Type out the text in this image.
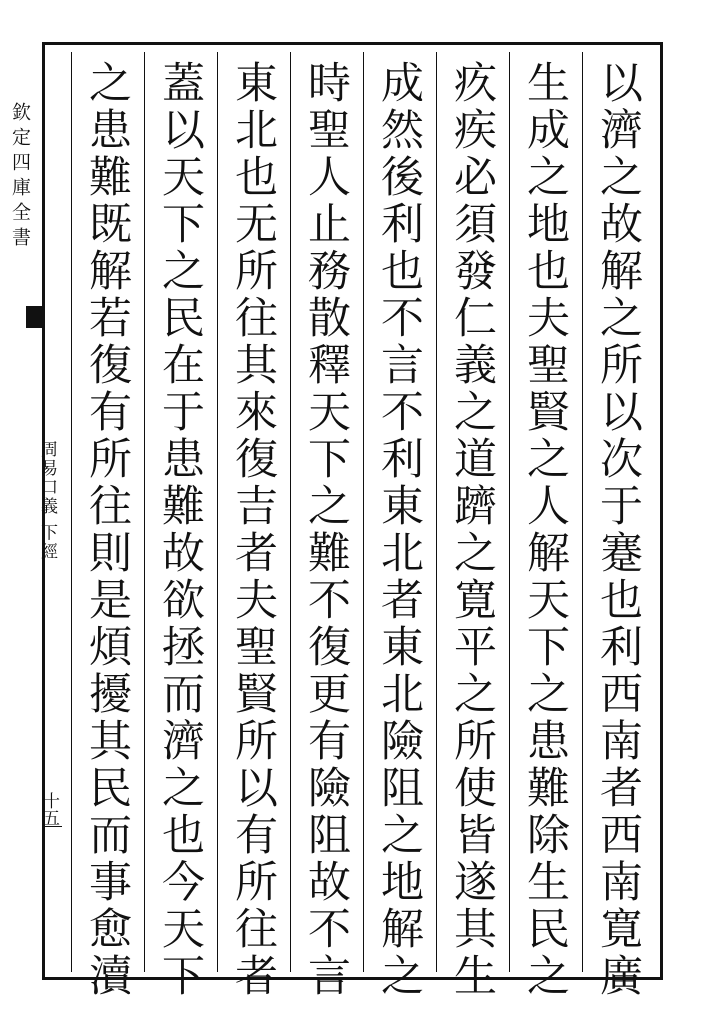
欽定四庫全書
周易口義 下經
十五	以濟之故解之所以次于蹇也利西南者西南寛廣
生成之地也夫聖賢之人解天下之患難除生民之
疚疾必須發仁義之道躋之寛平之所使皆遂其生
成然後利也不言不利東北者東北險阻之地解之
時聖人止務散釋天下之難不復更有險阻故不言
東北也无所往其來復吉者夫聖賢所以有所往者
蓋以天下之民在于患難故欲拯而濟之也今天下
之患難既解若復有所往則是煩擾其民而事愈瀆
